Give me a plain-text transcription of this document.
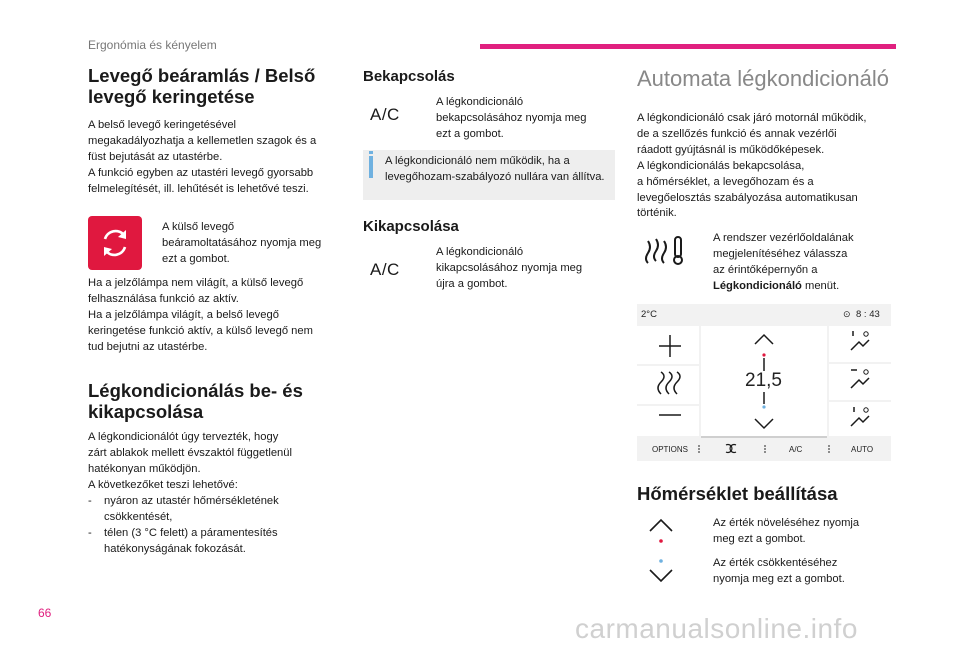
Ergonómia és kényelem
Levegő beáramlás / Belső
levegő keringetése

A belső levegő keringetésével

megakadályozhatja a kellemetlen szagok és a

füst bejutását az utastérbe.

A funkció egyben az utastéri levegő gyorsabb

felmelegítését, ill. lehűtését is lehetővé teszi.

A külső levegő
beáramoltatásához nyomja meg
ezt a gombot.

Ha a jelzőlámpa nem világít, a külső levegő

felhasználása funkció az aktív.

Ha a jelzőlámpa világít, a belső levegő

keringetése funkció aktív, a külső levegő nem

tud bejutni az utastérbe.

Légkondicionálás be- és
kikapcsolása

A légkondicionálót úgy tervezték, hogy

zárt ablakok mellett évszaktól függetlenül

hatékonyan működjön.

A következőket teszi lehetővé:

-	nyáron az utastér hőmérsékletének
csökkentését,
-	télen (3 °C felett) a páramentesítés
hatékonyságának fokozását.
Bekapcsolás
A/C
A légkondicionáló
bekapcsolásához nyomja meg
ezt a gombot.
A légkondicionáló nem működik, ha a
levegőhozam-szabályozó nullára van állítva.
Kikapcsolása
A/C
A légkondicionáló
kikapcsolásához nyomja meg
újra a gombot.
Automata légkondicionáló

A légkondicionáló csak járó motornál működik,

de a szellőzés funkció és annak vezérlői

ráadott gyújtásnál is működőképesek.

A légkondicionálás bekapcsolása,

a hőmérséklet, a levegőhozam és a

levegőelosztás szabályozása automatikusan

történik.

A rendszer vezérlőoldalának
megjelenítéséhez válassza
az érintőképernyőn a
Légkondicionáló menüt.
2°C	⊙ 8 : 43
21,5
OPTIONS	A/C	AUTO
Hőmérséklet beállítása
Az érték növeléséhez nyomja
meg ezt a gombot.
Az érték csökkentéséhez
nyomja meg ezt a gombot.
66	carmanualsonline.info
